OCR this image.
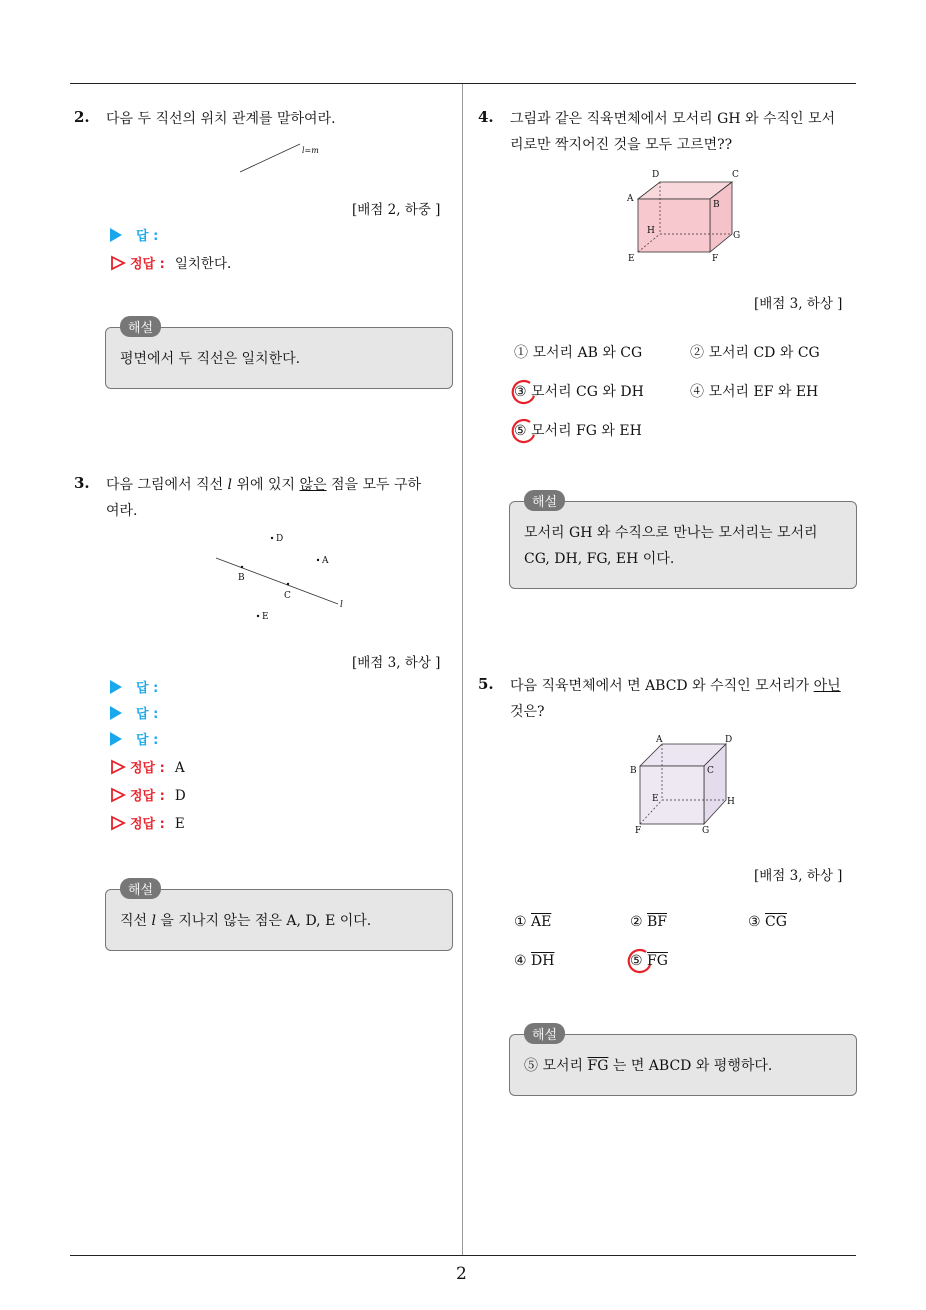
2
2. 다음 두 직선의 위치 관계를 말하여라.
l=m
[배점 2, 하중 ]
답 :
정답 : 일치한다.
해설
평면에서 두 직선은 일치한다.
3. 다음 그림에서 직선 l 위에 있지 않은 점을 모두 구하
여라.
D
A
B
C
l
E
[배점 3, 하상 ]
답 :
답 :
답 :
정답 : A
정답 : D
정답 : E
해설
직선 l 을 지나지 않는 점은 A, D, E 이다.
4. 그림과 같은 직육면체에서 모서리 GH 와 수직인 모서
리로만 짝지어진 것을 모두 고르면??
D	C
A
B
H	G
E	F
[배점 3, 하상 ]
① 모서리 AB 와 CG	② 모서리 CD 와 CG
③ 모서리 CG 와 DH	④ 모서리 EF 와 EH
⑤ 모서리 FG 와 EH
해설
모서리 GH 와 수직으로 만나는 모서리는 모서리
CG, DH, FG, EH 이다.
5. 다음 직육면체에서 면 ABCD 와 수직인 모서리가 아닌
것은?
A	D
B	C
E	H
F	G
[배점 3, 하상 ]
① $\overline{AE}$	② $\overline{BF}$	③ $\overline{CG}$
④ $\overline{DH}$	⑤ $\overline{FG}$
해설
⑤ 모서리 $\overline{FG}$ 는 면 ABCD 와 평행하다.
